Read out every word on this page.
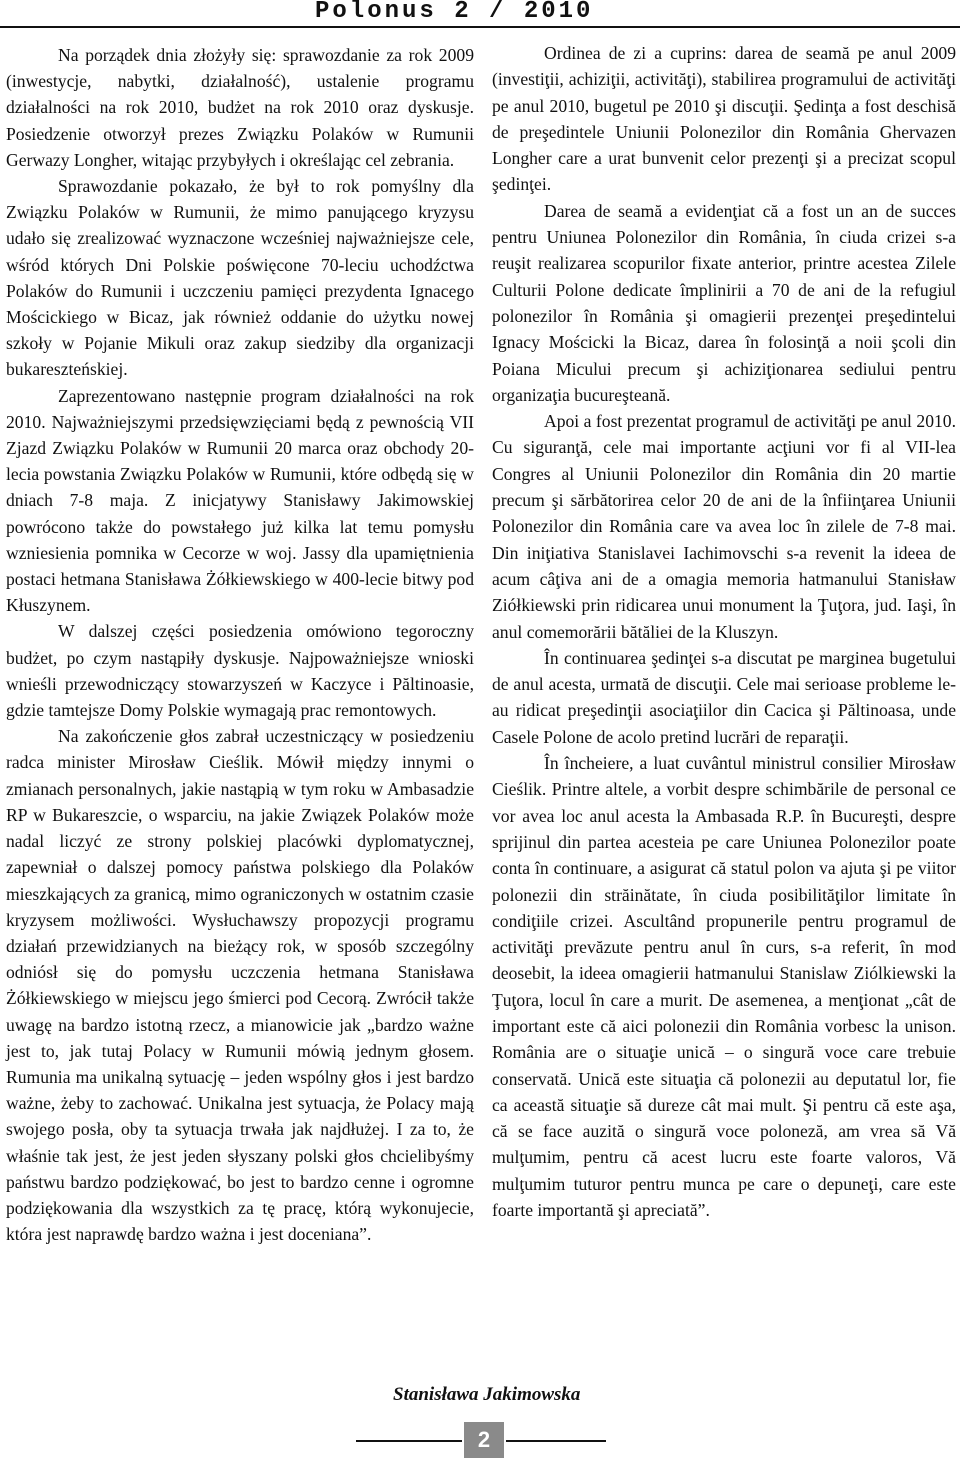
Polonus 2 / 2010

Na porządek dnia złożyły się: sprawozdanie za rok 2009 (inwestycje, nabytki, działalność), ustalenie programu działalności na rok 2010, budżet na rok 2010 oraz dyskusje. Posiedzenie otworzył prezes Związku Polaków w Rumunii Gerwazy Longher, witając przybyłych i określając cel zebrania.

Sprawozdanie pokazało, że był to rok pomyślny dla Związku Polaków w Rumunii, że mimo panującego kryzysu udało się zrealizować wyznaczone wcześniej najważniejsze cele, wśród których Dni Polskie poświęcone 70-leciu uchodźctwa Polaków do Rumunii i uczczeniu pamięci prezydenta Ignacego Mościckiego w Bicaz, jak również oddanie do użytku nowej szkoły w Pojanie Mikuli oraz zakup siedziby dla organizacji bukareszteńskiej.

Zaprezentowano następnie program działalności na rok 2010. Najważniejszymi przedsięwzięciami będą z pewnością VII Zjazd Związku Polaków w Rumunii 20 marca oraz obchody 20-lecia powstania Związku Polaków w Rumunii, które odbędą się w dniach 7-8 maja. Z inicjatywy Stanisławy Jakimowskiej powrócono także do powstałego już kilka lat temu pomysłu wzniesienia pomnika w Cecorze w woj. Jassy dla upamiętnienia postaci hetmana Stanisława Żółkiewskiego w 400-lecie bitwy pod Kłuszynem.

W dalszej części posiedzenia omówiono tegoroczny budżet, po czym nastąpiły dyskusje. Najpoważniejsze wnioski wnieśli przewodniczący stowarzyszeń w Kaczyce i Păltinoasie, gdzie tamtejsze Domy Polskie wymagają prac remontowych.

Na zakończenie głos zabrał uczestniczący w posiedzeniu radca minister Mirosław Cieślik. Mówił między innymi o zmianach personalnych, jakie nastąpią w tym roku w Ambasadzie RP w Bukareszcie, o wsparciu, na jakie Związek Polaków może nadal liczyć ze strony polskiej placówki dyplomatycznej, zapewniał o dalszej pomocy państwa polskiego dla Polaków mieszkających za granicą, mimo ograniczonych w ostatnim czasie kryzysem możliwości. Wysłuchawszy propozycji programu działań przewidzianych na bieżący rok, w sposób szczególny odniósł się do pomysłu uczczenia hetmana Stanisława Żółkiewskiego w miejscu jego śmierci pod Cecorą. Zwrócił także uwagę na bardzo istotną rzecz, a mianowicie jak „bardzo ważne jest to, jak tutaj Polacy w Rumunii mówią jednym głosem. Rumunia ma unikalną sytuację – jeden wspólny głos i jest bardzo ważne, żeby to zachować. Unikalna jest sytuacja, że Polacy mają swojego posła, oby ta sytuacja trwała jak najdłużej. I za to, że właśnie tak jest, że jest jeden słyszany polski głos chcielibyśmy państwu bardzo podziękować, bo jest to bardzo cenne i ogromne podziękowania dla wszystkich za tę pracę, którą wykonujecie, która jest naprawdę bardzo ważna i jest doceniana”.

Ordinea de zi a cuprins: darea de seamă pe anul 2009 (investiţii, achiziţii, activităţi), stabilirea programului de activităţi pe anul 2010, bugetul pe 2010 şi discuţii. Şedinţa a fost deschisă de preşedintele Uniunii Polonezilor din România Ghervazen Longher care a urat bunvenit celor prezenţi şi a precizat scopul şedinţei.

Darea de seamă a evidenţiat că a fost un an de succes pentru Uniunea Polonezilor din România, în ciuda crizei s-a reuşit realizarea scopurilor fixate anterior, printre acestea Zilele Culturii Polone dedicate împlinirii a 70 de ani de la refugiul polonezilor în România şi omagierii prezenţei preşedintelui Ignacy Mościcki la Bicaz, darea în folosinţă a noii şcoli din Poiana Micului precum şi achiziţionarea sediului pentru organizaţia bucureşteană.

Apoi a fost prezentat programul de activităţi pe anul 2010. Cu siguranţă, cele mai importante acţiuni vor fi al VII-lea Congres al Uniunii Polonezilor din România din 20 martie precum şi sărbătorirea celor 20 de ani de la înfiinţarea Uniunii Polonezilor din România care va avea loc în zilele de 7-8 mai. Din iniţiativa Stanislavei Iachimovschi s-a revenit la ideea de acum câţiva ani de a omagia memoria hatmanului Stanisław Ziółkiewski prin ridicarea unui monument la Ţuţora, jud. Iaşi, în anul comemorării bătăliei de la Kluszyn.

În continuarea şedinţei s-a discutat pe marginea bugetului de anul acesta, urmată de discuţii. Cele mai serioase probleme le-au ridicat preşedinţii asociaţiilor din Cacica şi Păltinoasa, unde Casele Polone de acolo pretind lucrări de reparaţii.

În încheiere, a luat cuvântul ministrul consilier Mirosław Cieślik. Printre altele, a vorbit despre schimbările de personal ce vor avea loc anul acesta la Ambasada R.P. în Bucureşti, despre sprijinul din partea acesteia pe care Uniunea Polonezilor poate conta în continuare, a asigurat că statul polon va ajuta şi pe viitor polonezii din străinătate, în ciuda posibilităţilor limitate în condiţiile crizei. Ascultând propunerile pentru programul de activităţi prevăzute pentru anul în curs, s-a referit, în mod deosebit, la ideea omagierii hatmanului Stanislaw Ziólkiewski la Ţuţora, locul în care a murit. De asemenea, a menţionat „cât de important este că aici polonezii din România vorbesc la unison. România are o situaţie unică – o singură voce care trebuie conservată. Unică este situaţia că polonezii au deputatul lor, fie ca această situaţie să dureze cât mai mult. Şi pentru că este aşa, că se face auzită o singură voce poloneză, am vrea să Vă mulţumim, pentru că acest lucru este foarte valoros, Vă mulţumim tuturor pentru munca pe care o depuneţi, care este foarte importantă şi apreciată”.

Stanisława Jakimowska
2
